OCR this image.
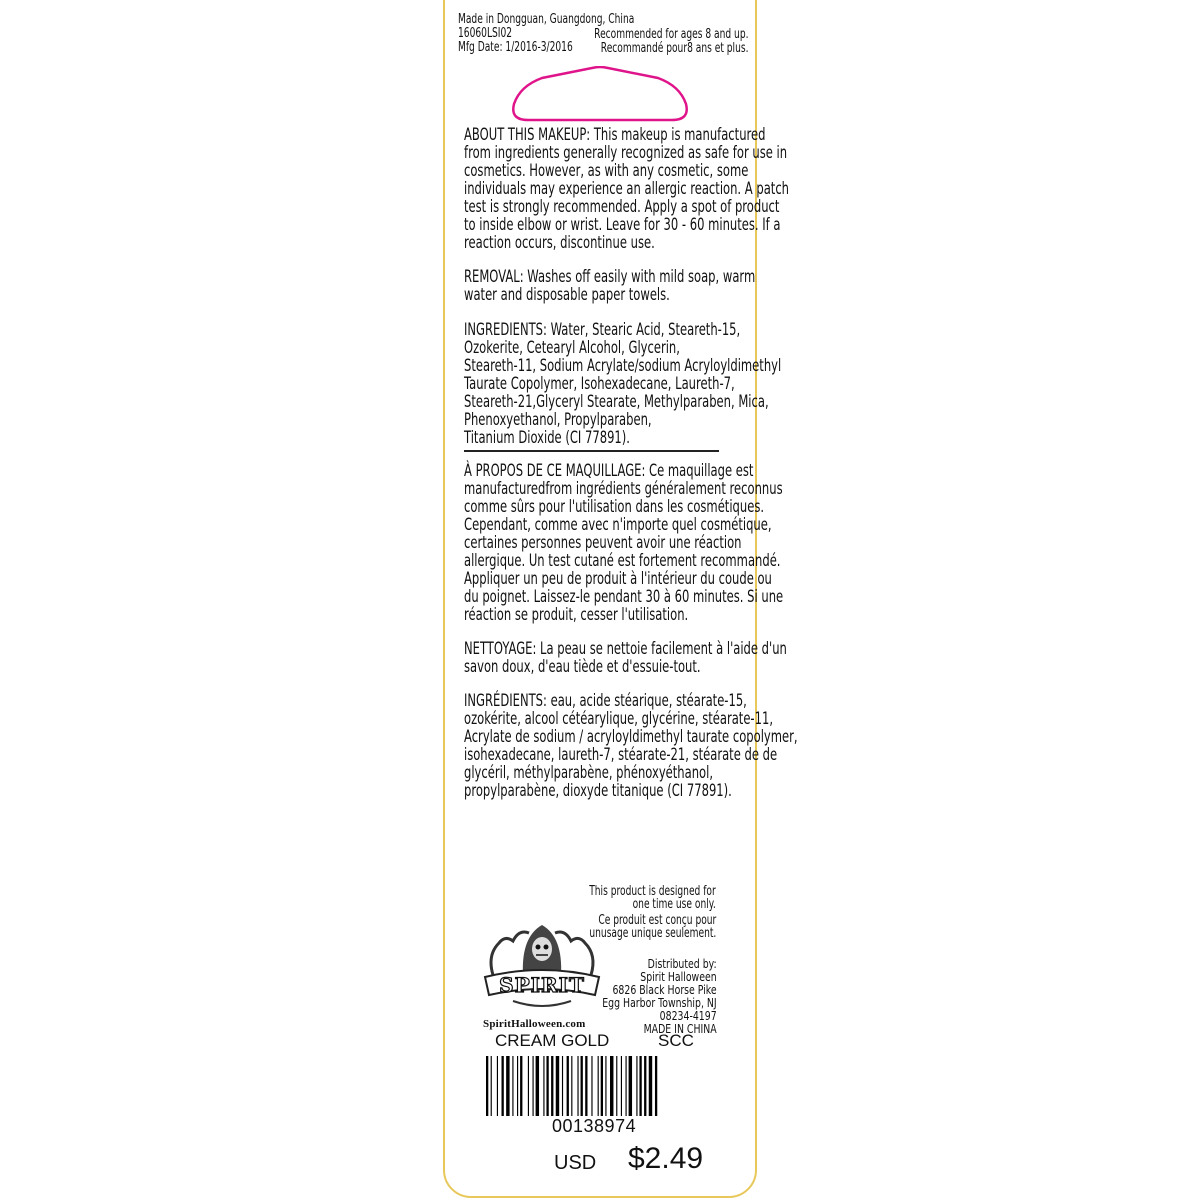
Made in Dongguan, Guangdong, China
16060LSI02
Mfg Date: 1/2016-3/2016
Recommended for ages 8 and up.
Recommandé pour8 ans et plus.
ABOUT THIS MAKEUP: This makeup is manufactured
from ingredients generally recognized as safe for use in
cosmetics. However, as with any cosmetic, some
individuals may experience an allergic reaction. A patch
test is strongly recommended. Apply a spot of product
to inside elbow or wrist. Leave for 30 - 60 minutes. If a
reaction occurs, discontinue use.
REMOVAL: Washes off easily with mild soap, warm
water and disposable paper towels.
INGREDIENTS: Water, Stearic Acid, Steareth-15,
Ozokerite, Cetearyl Alcohol, Glycerin,
Steareth-11, Sodium Acrylate/sodium Acryloyldimethyl
Taurate Copolymer, Isohexadecane, Laureth-7,
Steareth-21,Glyceryl Stearate, Methylparaben, Mica,
Phenoxyethanol, Propylparaben,
Titanium Dioxide (CI 77891).
À PROPOS DE CE MAQUILLAGE: Ce maquillage est
manufacturedfrom ingrédients généralement reconnus
comme sûrs pour l'utilisation dans les cosmétiques.
Cependant, comme avec n'importe quel cosmétique,
certaines personnes peuvent avoir une réaction
allergique. Un test cutané est fortement recommandé.
Appliquer un peu de produit à l'intérieur du coude ou
du poignet. Laissez-le pendant 30 à 60 minutes. Si une
réaction se produit, cesser l'utilisation.
NETTOYAGE: La peau se nettoie facilement à l'aide d'un
savon doux, d'eau tiède et d'essuie-tout.
INGRÉDIENTS: eau, acide stéarique, stéarate-15,
ozokérite, alcool cétéarylique, glycérine, stéarate-11,
Acrylate de sodium / acryloyldimethyl taurate copolymer,
isohexadecane, laureth-7, stéarate-21, stéarate de de
glycéril, méthylparabène, phénoxyéthanol,
propylparabène, dioxyde titanique (CI 77891).
This product is designed for
one time use only.
Ce produit est conçu pour
unusage unique seulement.
SPIRIT
SpiritHalloween.com
Distributed by:
Spirit Halloween
6826 Black Horse Pike
Egg Harbor Township, NJ
08234-4197
MADE IN CHINA
CREAM GOLD	SCC
00138974
USD $2.49
